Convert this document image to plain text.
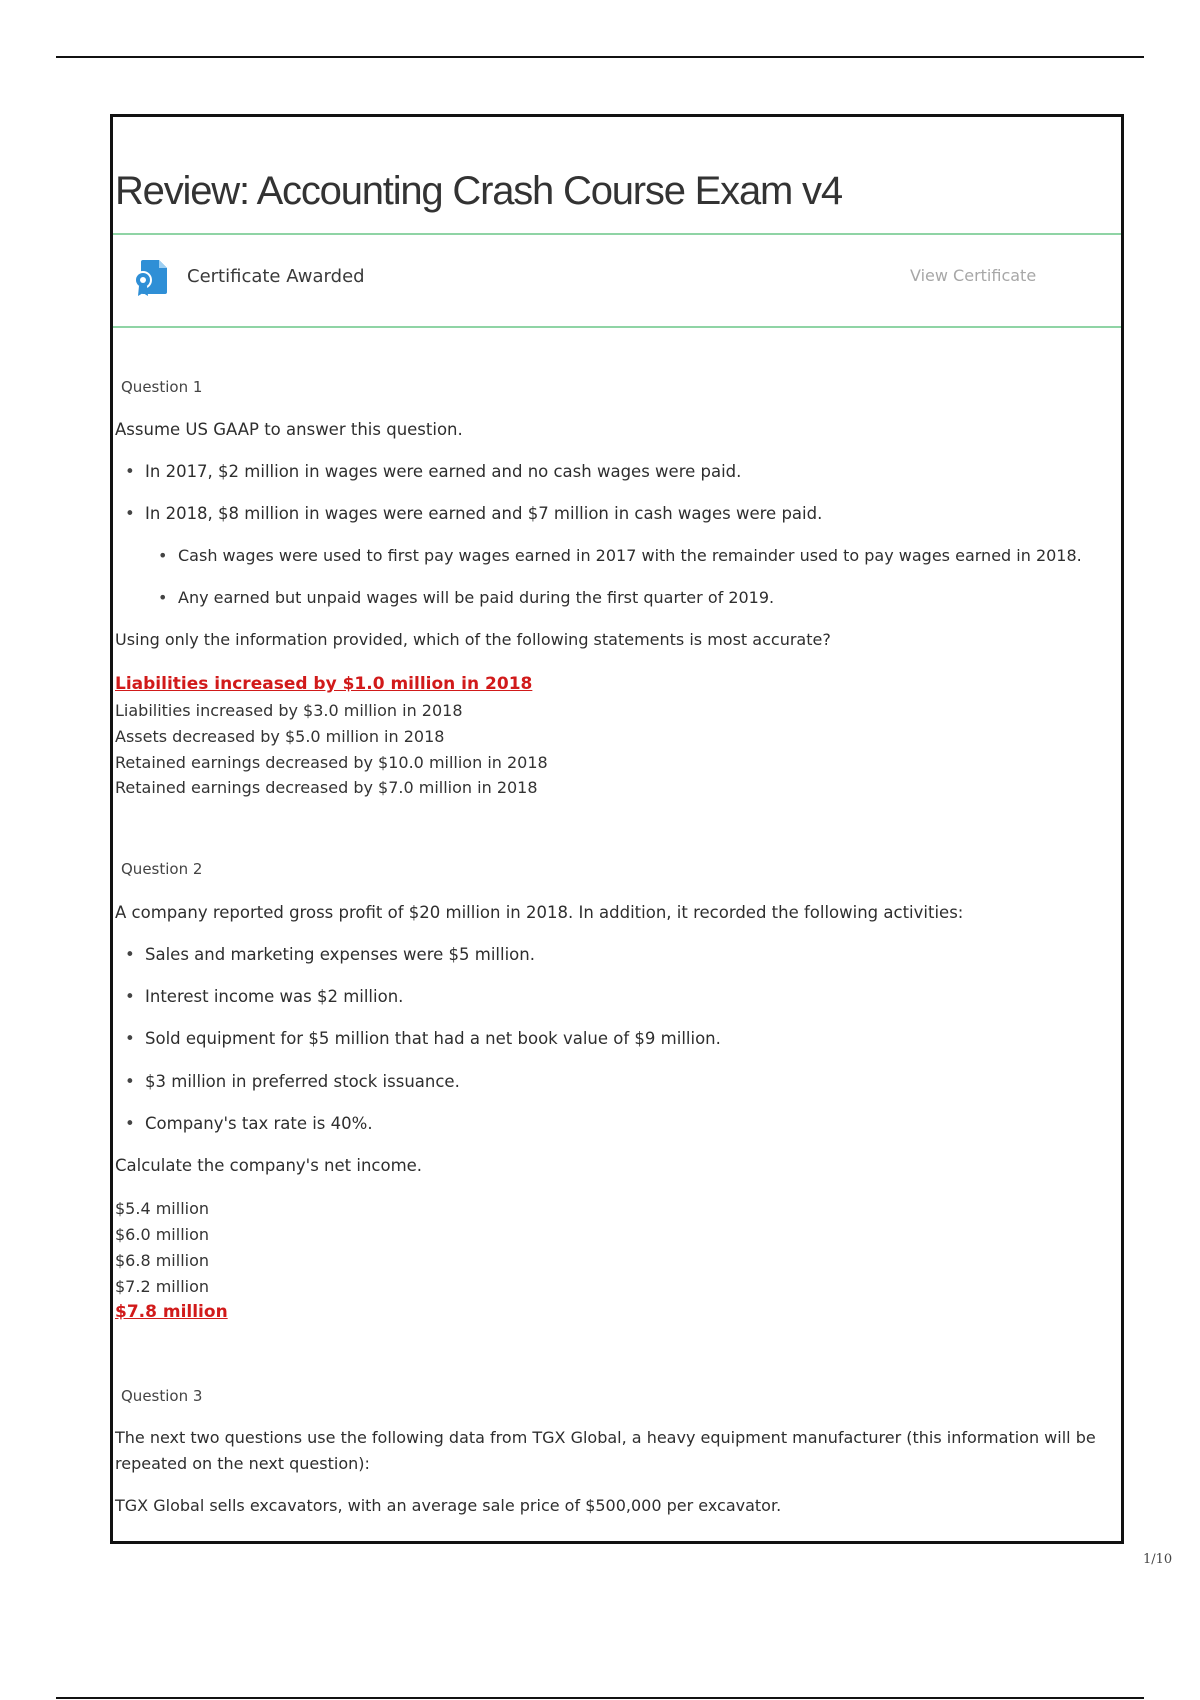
Review: Accounting Crash Course Exam v4
Certificate Awarded	View Certificate
Question 1
Assume US GAAP to answer this question.
• In 2017, $2 million in wages were earned and no cash wages were paid.
• In 2018, $8 million in wages were earned and $7 million in cash wages were paid.
• Cash wages were used to first pay wages earned in 2017 with the remainder used to pay wages earned in 2018.
• Any earned but unpaid wages will be paid during the first quarter of 2019.
Using only the information provided, which of the following statements is most accurate?
Liabilities increased by $1.0 million in 2018
Liabilities increased by $3.0 million in 2018
Assets decreased by $5.0 million in 2018
Retained earnings decreased by $10.0 million in 2018
Retained earnings decreased by $7.0 million in 2018
Question 2
A company reported gross profit of $20 million in 2018. In addition, it recorded the following activities:
• Sales and marketing expenses were $5 million.
• Interest income was $2 million.
• Sold equipment for $5 million that had a net book value of $9 million.
• $3 million in preferred stock issuance.
• Company's tax rate is 40%.
Calculate the company's net income.
$5.4 million
$6.0 million
$6.8 million
$7.2 million
$7.8 million
Question 3
The next two questions use the following data from TGX Global, a heavy equipment manufacturer (this information will be
repeated on the next question):
TGX Global sells excavators, with an average sale price of $500,000 per excavator.
1/10
